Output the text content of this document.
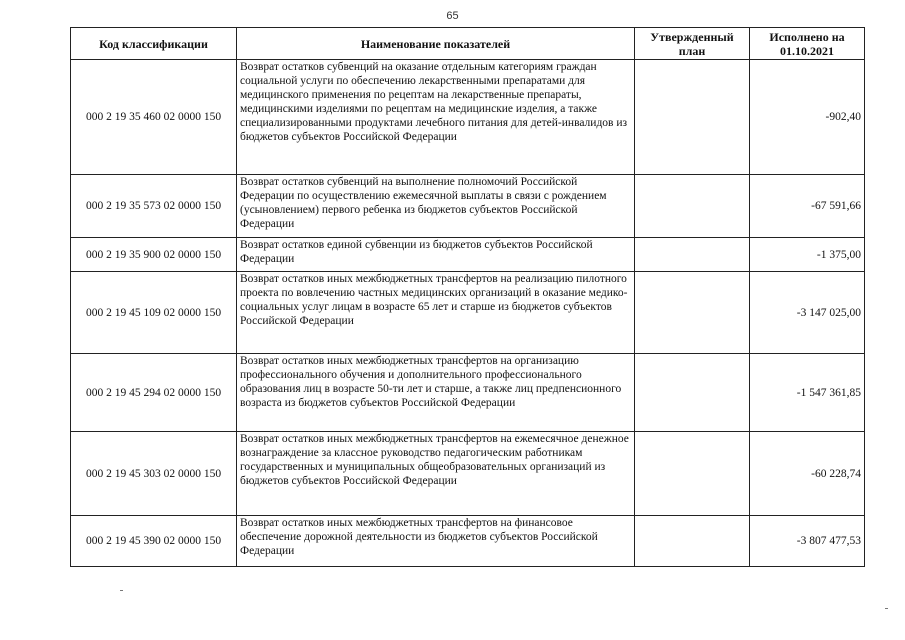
65
Код классификации	Наименование показателей	Утвержденный план	Исполнено на 01.10.2021
000 2 19 35 460 02 0000 150	Возврат остатков субвенций на оказание отдельным категориям граждан социальной услуги по обеспечению лекарственными препаратами для медицинского применения по рецептам на лекарственные препараты, медицинскими изделиями по рецептам на медицинские изделия, а также специализированными продуктами лечебного питания для детей-инвалидов из бюджетов субъектов Российской Федерации		-902,40
000 2 19 35 573 02 0000 150	Возврат остатков субвенций на выполнение полномочий Российской Федерации по осуществлению ежемесячной выплаты в связи с рождением (усыновлением) первого ребенка из бюджетов субъектов Российской Федерации		-67 591,66
000 2 19 35 900 02 0000 150	Возврат остатков единой субвенции из бюджетов субъектов Российской Федерации		-1 375,00
000 2 19 45 109 02 0000 150	Возврат остатков иных межбюджетных трансфертов на реализацию пилотного проекта по вовлечению частных медицинских организаций в оказание медико-социальных услуг лицам в возрасте 65 лет и старше из бюджетов субъектов Российской Федерации		-3 147 025,00
000 2 19 45 294 02 0000 150	Возврат остатков иных межбюджетных трансфертов на организацию профессионального обучения и дополнительного профессионального образования лиц в возрасте 50-ти лет и старше, а также лиц предпенсионного возраста из бюджетов субъектов Российской Федерации		-1 547 361,85
000 2 19 45 303 02 0000 150	Возврат остатков иных межбюджетных трансфертов на ежемесячное денежное вознаграждение за классное руководство педагогическим работникам государственных и муниципальных общеобразовательных организаций из бюджетов субъектов Российской Федерации		-60 228,74
000 2 19 45 390 02 0000 150	Возврат остатков иных межбюджетных трансфертов на финансовое обеспечение дорожной деятельности из бюджетов субъектов Российской Федерации		-3 807 477,53
